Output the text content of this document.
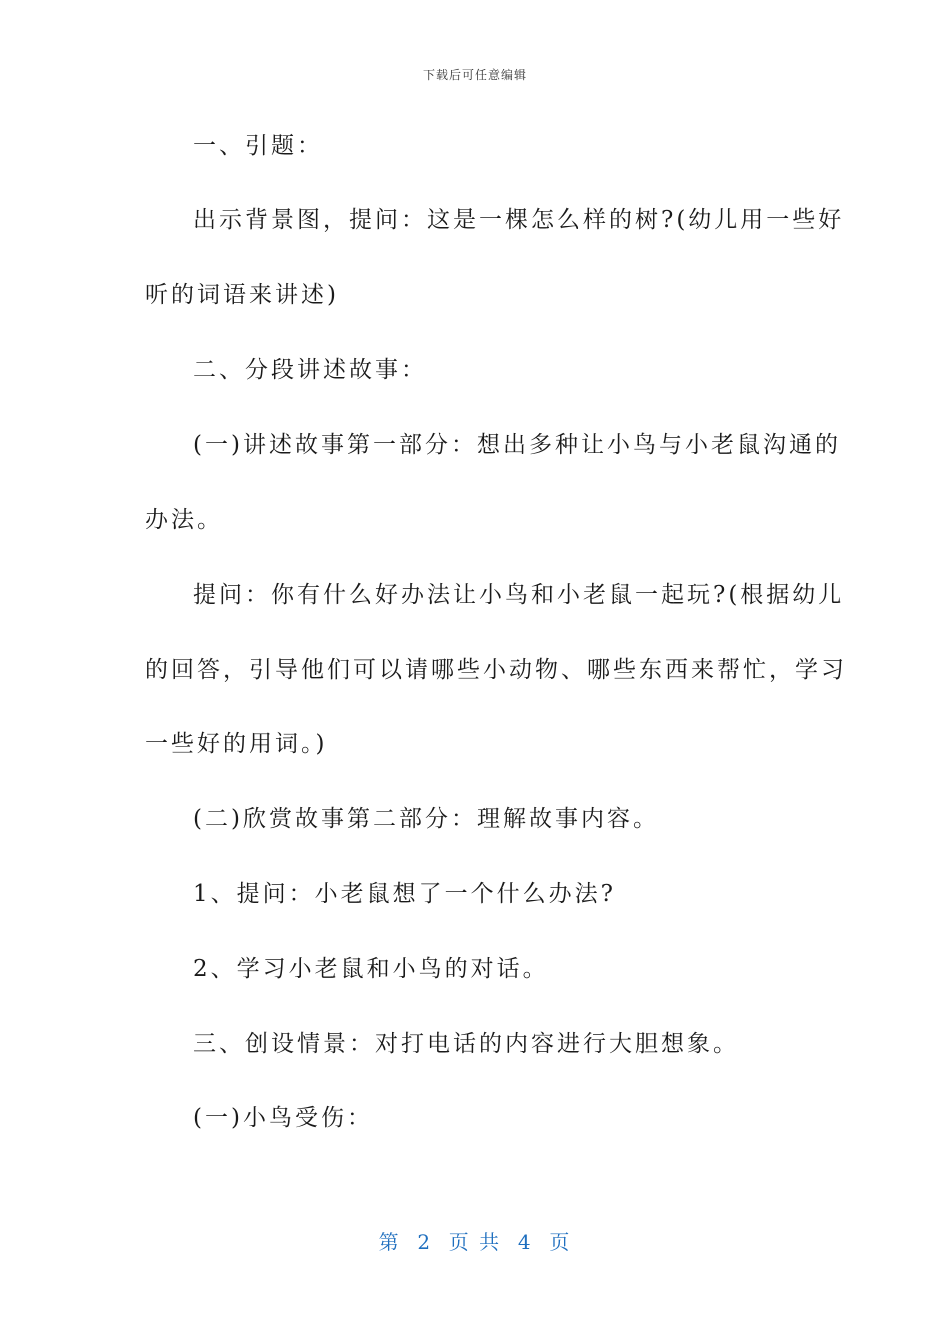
下载后可任意编辑
一、引题：
出示背景图，提问：这是一棵怎么样的树?(幼儿用一些好
听的词语来讲述)
二、分段讲述故事：
(一)讲述故事第一部分：想出多种让小鸟与小老鼠沟通的
办法。
提问：你有什么好办法让小鸟和小老鼠一起玩?(根据幼儿
的回答，引导他们可以请哪些小动物、哪些东西来帮忙，学习
一些好的用词。)
(二)欣赏故事第二部分：理解故事内容。
1、提问：小老鼠想了一个什么办法?
2、学习小老鼠和小鸟的对话。
三、创设情景：对打电话的内容进行大胆想象。
(一)小鸟受伤：
第  2  页 共  4  页
